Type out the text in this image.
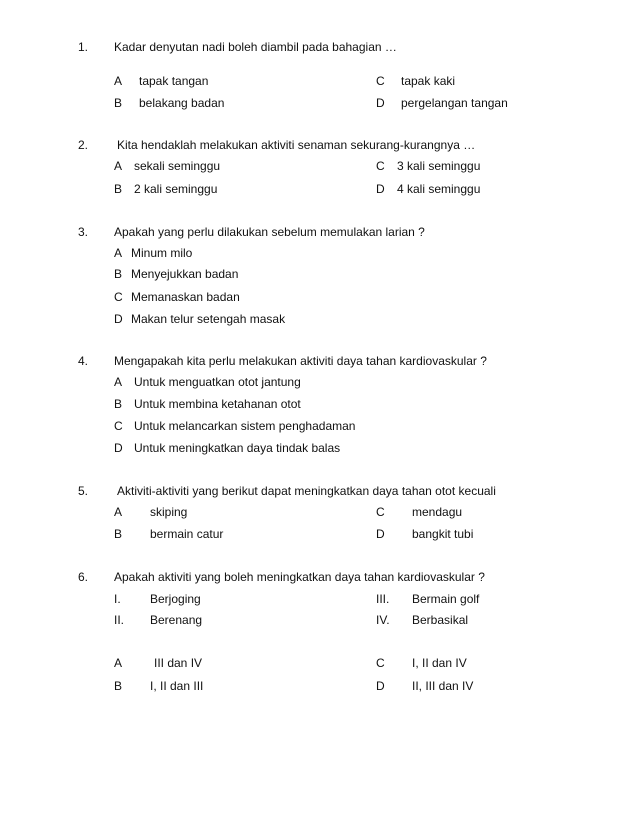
1. Kadar denyutan nadi boleh diambil pada bahagian …
A tapak tangan	C tapak kaki
B belakang badan	D pergelangan tangan
2. Kita hendaklah melakukan aktiviti senaman sekurang-kurangnya …
A sekali seminggu	C 3 kali seminggu
B 2 kali seminggu	D 4 kali seminggu
3. Apakah yang perlu dilakukan sebelum memulakan larian ?
A Minum milo
B Menyejukkan badan
C Memanaskan badan
D Makan telur setengah masak
4. Mengapakah kita perlu melakukan aktiviti daya tahan kardiovaskular ?
A Untuk menguatkan otot jantung
B Untuk membina ketahanan otot
C Untuk melancarkan sistem penghadaman
D Untuk meningkatkan daya tindak balas
5. Aktiviti-aktiviti yang berikut dapat meningkatkan daya tahan otot kecuali
A skiping	C mendagu
B bermain catur	D bangkit tubi
6. Apakah aktiviti yang boleh meningkatkan daya tahan kardiovaskular ?
I. Berjoging	III. Bermain golf
II. Berenang	IV. Berbasikal
A	III dan IV	C I, II dan IV
B I, II dan III	D II, III dan IV
